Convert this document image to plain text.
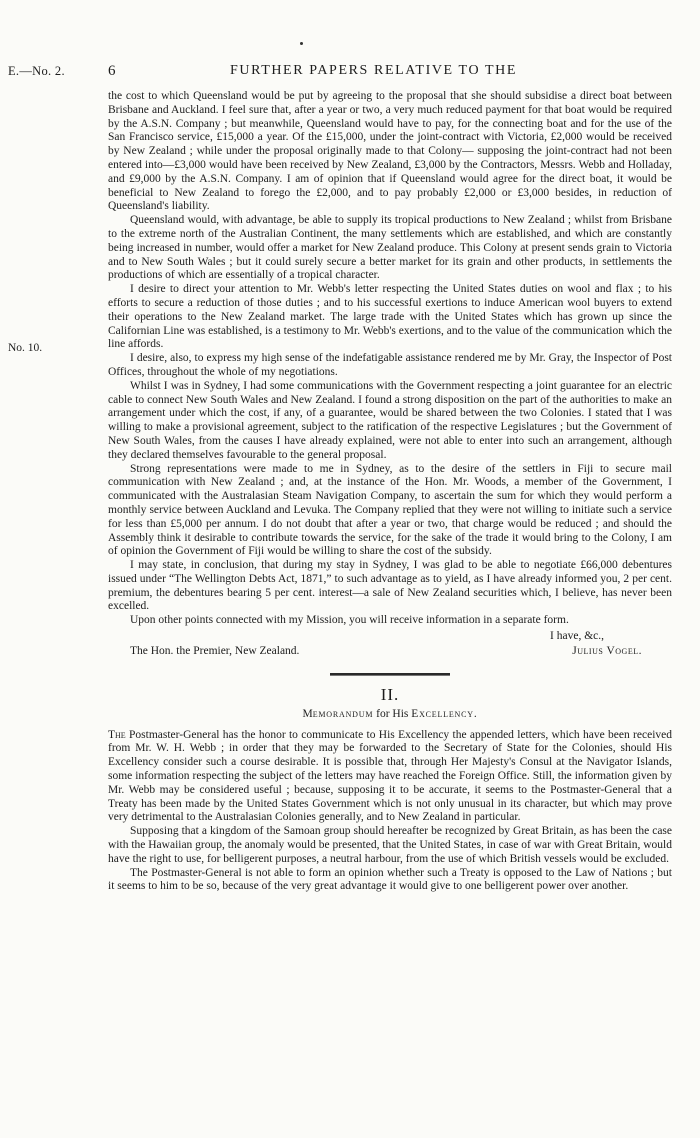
E.—No. 2.	6	FURTHER PAPERS RELATIVE TO THE
No. 10.

the cost to which Queensland would be put by agreeing to the proposal that she should subsidise a direct boat between Brisbane and Auckland. I feel sure that, after a year or two, a very much reduced payment for that boat would be required by the A.S.N. Company ; but meanwhile, Queensland would have to pay, for the connecting boat and for the use of the San Francisco service, £15,000 a year. Of the £15,000, under the joint-contract with Victoria, £2,000 would be received by New Zealand ; while under the proposal originally made to that Colony— supposing the joint-contract had not been entered into—£3,000 would have been received by New Zealand, £3,000 by the Contractors, Messrs. Webb and Holladay, and £9,000 by the A.S.N. Company. I am of opinion that if Queensland would agree for the direct boat, it would be beneficial to New Zealand to forego the £2,000, and to pay probably £2,000 or £3,000 besides, in reduction of Queensland's liability.

Queensland would, with advantage, be able to supply its tropical productions to New Zealand ; whilst from Brisbane to the extreme north of the Australian Continent, the many settlements which are established, and which are constantly being increased in number, would offer a market for New Zealand produce. This Colony at present sends grain to Victoria and to New South Wales ; but it could surely secure a better market for its grain and other products, in settlements the productions of which are essentially of a tropical character.

I desire to direct your attention to Mr. Webb's letter respecting the United States duties on wool and flax ; to his efforts to secure a reduction of those duties ; and to his successful exertions to induce American wool buyers to extend their operations to the New Zealand market. The large trade with the United States which has grown up since the Californian Line was established, is a testimony to Mr. Webb's exertions, and to the value of the communication which the line affords.

I desire, also, to express my high sense of the indefatigable assistance rendered me by Mr. Gray, the Inspector of Post Offices, throughout the whole of my negotiations.

Whilst I was in Sydney, I had some communications with the Government respecting a joint guarantee for an electric cable to connect New South Wales and New Zealand. I found a strong disposition on the part of the authorities to make an arrangement under which the cost, if any, of a guarantee, would be shared between the two Colonies. I stated that I was willing to make a provisional agreement, subject to the ratification of the respective Legislatures ; but the Government of New South Wales, from the causes I have already explained, were not able to enter into such an arrangement, although they declared themselves favourable to the general proposal.

Strong representations were made to me in Sydney, as to the desire of the settlers in Fiji to secure mail communication with New Zealand ; and, at the instance of the Hon. Mr. Woods, a member of the Government, I communicated with the Australasian Steam Navigation Company, to ascertain the sum for which they would perform a monthly service between Auckland and Levuka. The Company replied that they were not willing to initiate such a service for less than £5,000 per annum. I do not doubt that after a year or two, that charge would be reduced ; and should the Assembly think it desirable to contribute towards the service, for the sake of the trade it would bring to the Colony, I am of opinion the Government of Fiji would be willing to share the cost of the subsidy.

I may state, in conclusion, that during my stay in Sydney, I was glad to be able to negotiate £66,000 debentures issued under “The Wellington Debts Act, 1871,” to such advantage as to yield, as I have already informed you, 2 per cent. premium, the debentures bearing 5 per cent. interest—a sale of New Zealand securities which, I believe, has never been excelled.

Upon other points connected with my Mission, you will receive information in a separate form.

I have, &c.,
The Hon. the Premier, New Zealand.	Julius Vogel.
II.
Memorandum for His Excellency.

The Postmaster-General has the honor to communicate to His Excellency the appended letters, which have been received from Mr. W. H. Webb ; in order that they may be forwarded to the Secretary of State for the Colonies, should His Excellency consider such a course desirable. It is possible that, through Her Majesty's Consul at the Navigator Islands, some information respecting the subject of the letters may have reached the Foreign Office. Still, the information given by Mr. Webb may be considered useful ; because, supposing it to be accurate, it seems to the Postmaster-General that a Treaty has been made by the United States Government which is not only unusual in its character, but which may prove very detrimental to the Australasian Colonies generally, and to New Zealand in particular.

Supposing that a kingdom of the Samoan group should hereafter be recognized by Great Britain, as has been the case with the Hawaiian group, the anomaly would be presented, that the United States, in case of war with Great Britain, would have the right to use, for belligerent purposes, a neutral harbour, from the use of which British vessels would be excluded.

The Postmaster-General is not able to form an opinion whether such a Treaty is opposed to the Law of Nations ; but it seems to him to be so, because of the very great advantage it would give to one belligerent power over another.
